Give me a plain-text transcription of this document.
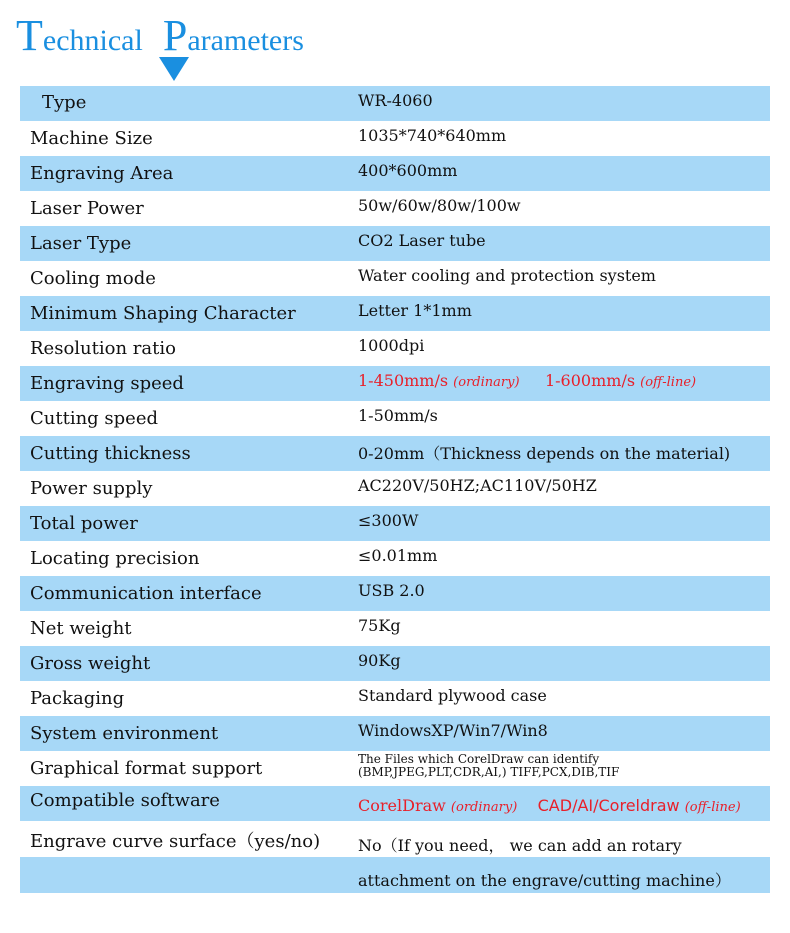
Technical Parameters
Type	WR-4060
Machine Size	1035*740*640mm
Engraving Area	400*600mm
Laser Power	50w/60w/80w/100w
Laser Type	CO2 Laser tube
Cooling mode	Water cooling and protection system
Minimum Shaping Character	Letter 1*1mm
Resolution ratio	1000dpi
Engraving speed	1-450mm/s (ordinary) 1-600mm/s (off-line)
Cutting speed	1-50mm/s
Cutting thickness	0-20mm（Thickness depends on the material)
Power supply	AC220V/50HZ;AC110V/50HZ
Total power	≤300W
Locating precision	≤0.01mm
Communication interface	USB 2.0
Net weight	75Kg
Gross weight	90Kg
Packaging	Standard plywood case
System environment	WindowsXP/Win7/Win8
Graphical format support	The Files which CorelDraw can identify
(BMP,JPEG,PLT,CDR,AI,) TIFF,PCX,DIB,TIF
Compatible software	CorelDraw (ordinary) CAD/AI/Coreldraw (off-line)
Engrave curve surface（yes/no) No（If you need， we can add an rotary
attachment on the engrave/cutting machine）
